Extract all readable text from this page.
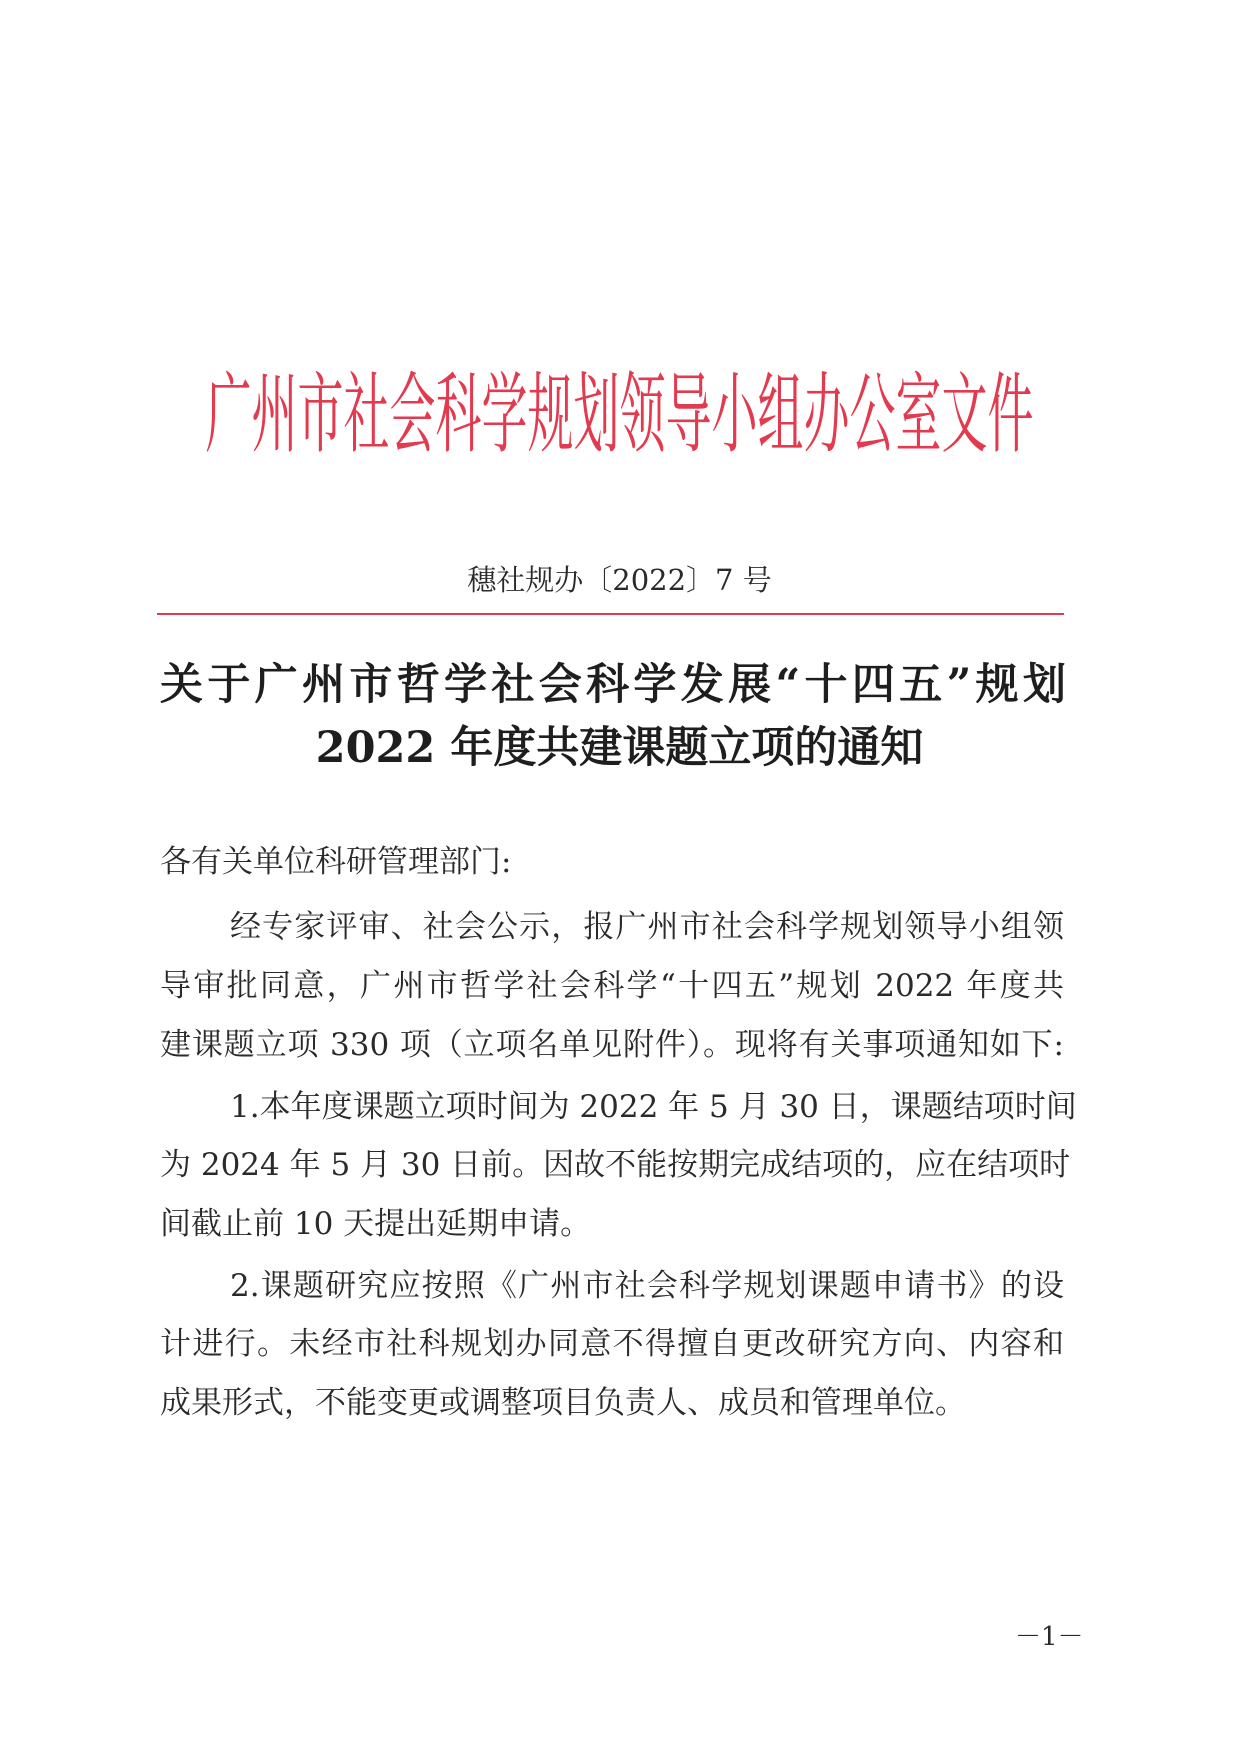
广州市社会科学规划领导小组办公室文件
穗社规办〔2022〕7 号
关于广州市哲学社会科学发展“十四五”规划
2022 年度共建课题立项的通知
各有关单位科研管理部门:
经专家评审、社会公示，报广州市社会科学规划领导小组领
导审批同意，广州市哲学社会科学“十四五”规划 2022 年度共
建课题立项 330 项（立项名单见附件）。现将有关事项通知如下:
1.本年度课题立项时间为 2022 年 5 月 30 日，课题结项时间
为 2024 年 5 月 30 日前。因故不能按期完成结项的，应在结项时
间截止前 10 天提出延期申请。
2.课题研究应按照《广州市社会科学规划课题申请书》的设
计进行。未经市社科规划办同意不得擅自更改研究方向、内容和
成果形式，不能变更或调整项目负责人、成员和管理单位。
－1－
